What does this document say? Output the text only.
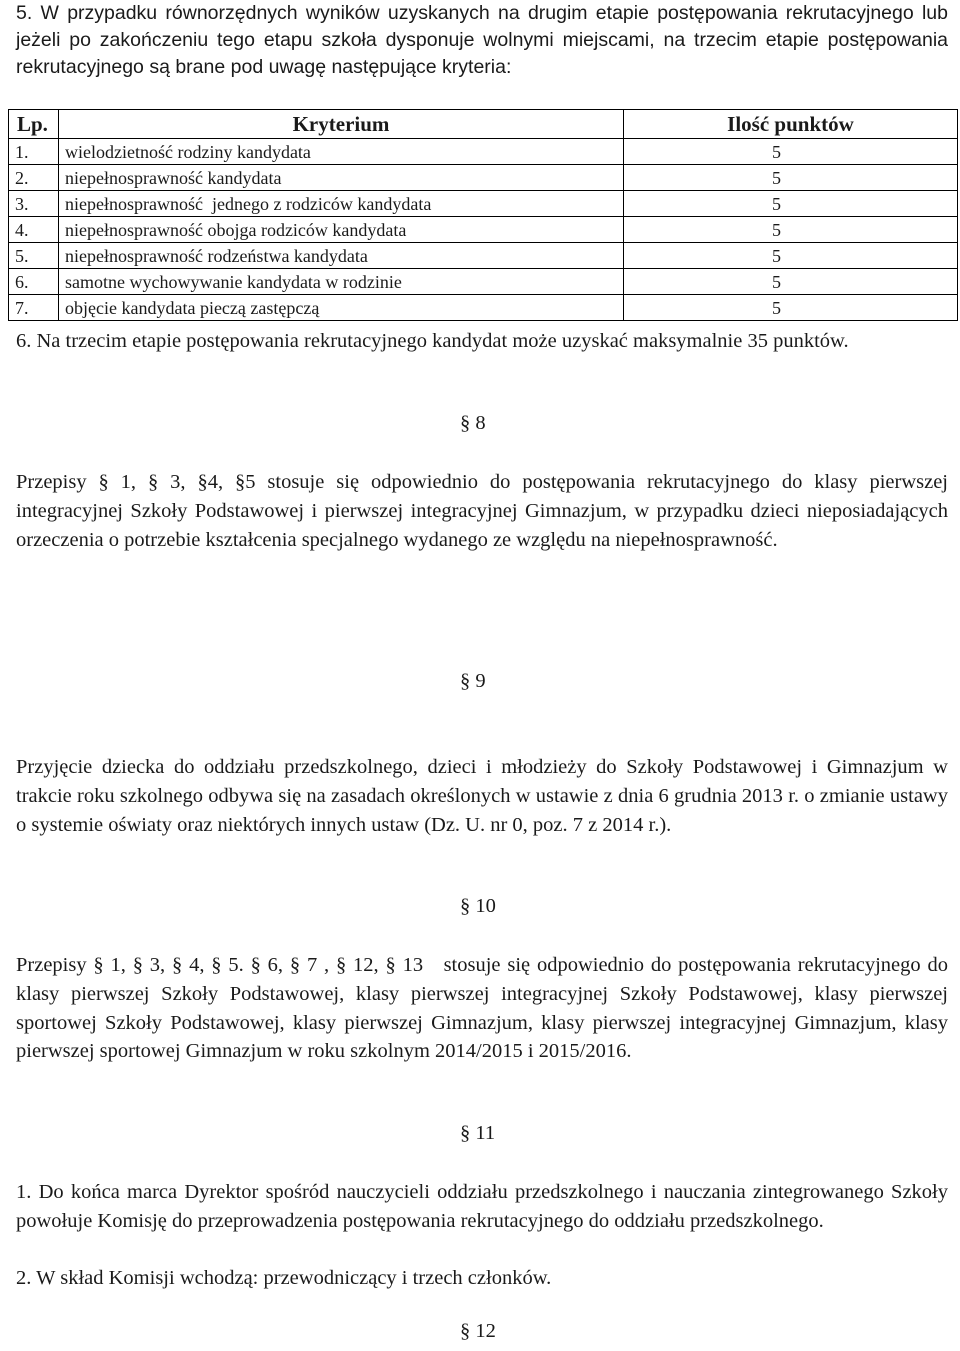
5. W przypadku równorzędnych wyników uzyskanych na drugim etapie postępowania rekrutacyjnego lub jeżeli po zakończeniu tego etapu szkoła dysponuje wolnymi miejscami, na trzecim etapie postępowania rekrutacyjnego są brane pod uwagę następujące kryteria:
Lp.	Kryterium	Ilość punktów
1.	wielodzietność rodziny kandydata	5
2.	niepełnosprawność kandydata	5
3.	niepełnosprawność  jednego z rodziców kandydata	5
4.	niepełnosprawność obojga rodziców kandydata	5
5.	niepełnosprawność rodzeństwa kandydata	5
6.	samotne wychowywanie kandydata w rodzinie	5
7.	objęcie kandydata pieczą zastępczą	5
6. Na trzecim etapie postępowania rekrutacyjnego kandydat może uzyskać maksymalnie 35 punktów.
§ 8
Przepisy § 1, § 3, §4, §5 stosuje się odpowiednio do postępowania rekrutacyjnego do klasy pierwszej integracyjnej Szkoły Podstawowej i pierwszej integracyjnej Gimnazjum, w przypadku dzieci nieposiadających orzeczenia o potrzebie kształcenia specjalnego wydanego ze względu na niepełnosprawność.
§ 9
Przyjęcie dziecka do oddziału przedszkolnego, dzieci i młodzieży do Szkoły Podstawowej i Gimnazjum w trakcie roku szkolnego odbywa się na zasadach określonych w ustawie z dnia 6 grudnia 2013 r. o zmianie ustawy o systemie oświaty oraz niektórych innych ustaw (Dz. U. nr 0, poz. 7 z 2014 r.).
§ 10
Przepisy § 1, § 3, § 4, § 5. § 6, § 7 , § 12, § 13   stosuje się odpowiednio do postępowania rekrutacyjnego do klasy pierwszej Szkoły Podstawowej, klasy pierwszej integracyjnej Szkoły Podstawowej, klasy pierwszej sportowej Szkoły Podstawowej, klasy pierwszej Gimnazjum, klasy pierwszej integracyjnej Gimnazjum, klasy pierwszej sportowej Gimnazjum w roku szkolnym 2014/2015 i 2015/2016.
§ 11
1. Do końca marca Dyrektor spośród nauczycieli oddziału przedszkolnego i nauczania zintegrowanego Szkoły powołuje Komisję do przeprowadzenia postępowania rekrutacyjnego do oddziału przedszkolnego.
2. W skład Komisji wchodzą: przewodniczący i trzech członków.
§ 12
